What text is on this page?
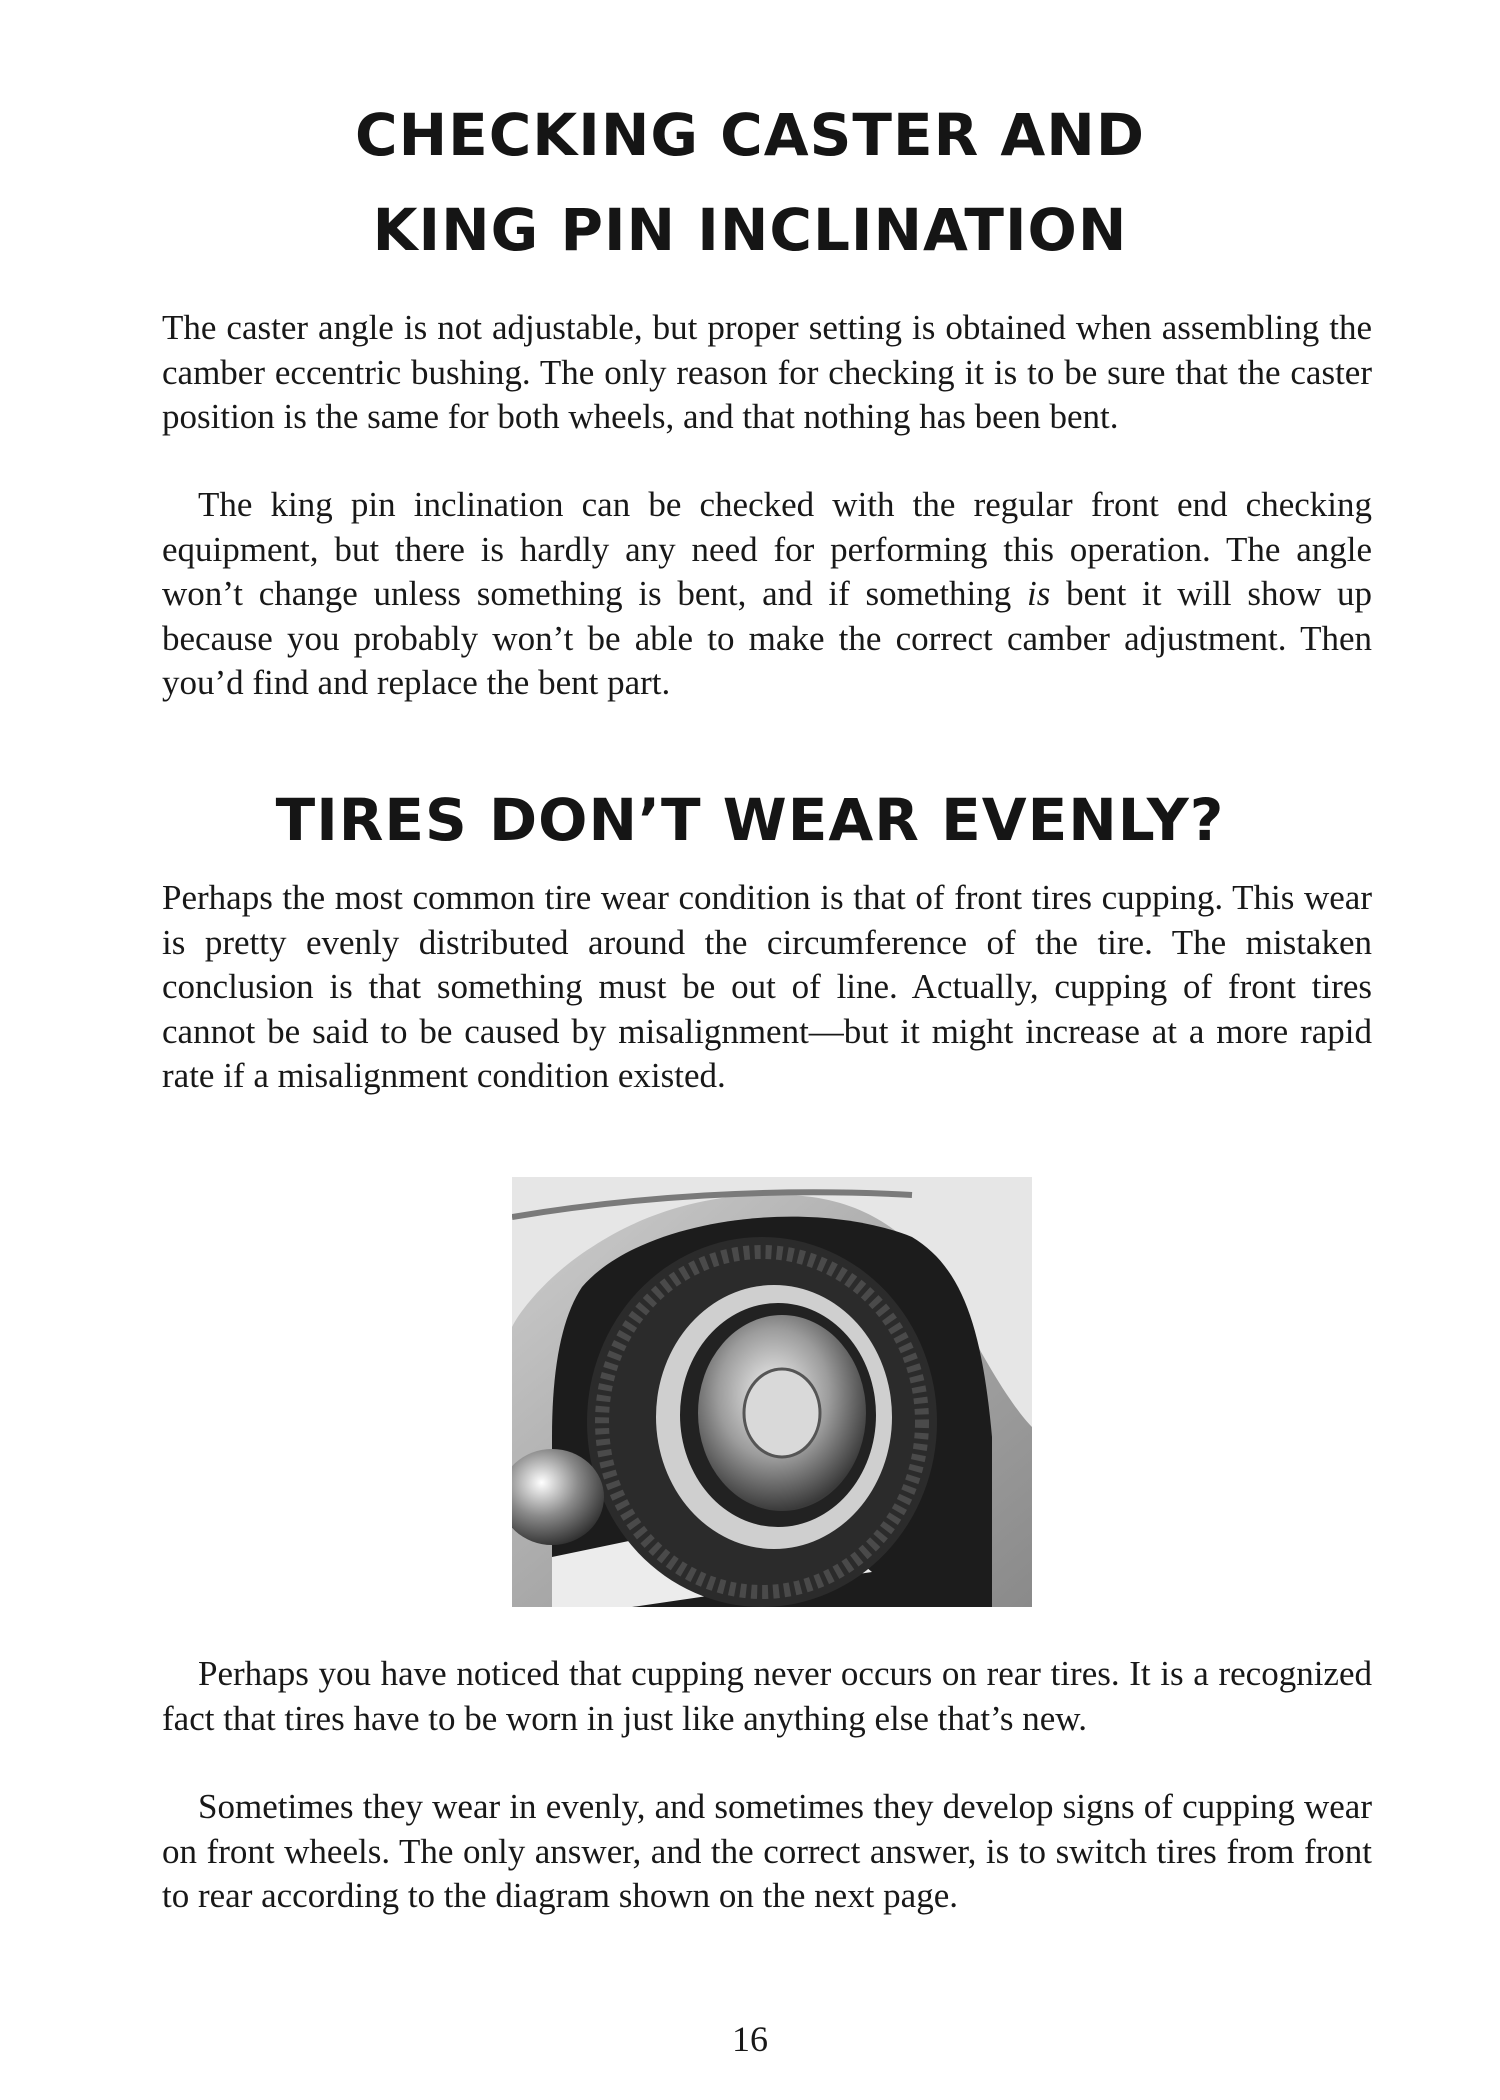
CHECKING CASTER AND
KING PIN INCLINATION

The caster angle is not adjustable, but proper setting is obtained when assembling the camber eccentric bushing. The only reason for checking it is to be sure that the caster position is the same for both wheels, and that nothing has been bent.

The king pin inclination can be checked with the regular front end checking equipment, but there is hardly any need for performing this operation. The angle won’t change unless something is bent, and if something is bent it will show up because you probably won’t be able to make the correct camber adjustment. Then you’d find and replace the bent part.

TIRES DON’T WEAR EVENLY?

Perhaps the most common tire wear condition is that of front tires cupping. This wear is pretty evenly distributed around the circumference of the tire. The mistaken conclusion is that something must be out of line. Actually, cupping of front tires cannot be said to be caused by misalignment—but it might increase at a more rapid rate if a misalignment condition existed.

Perhaps you have noticed that cupping never occurs on rear tires. It is a recognized fact that tires have to be worn in just like anything else that’s new.

Sometimes they wear in evenly, and sometimes they develop signs of cupping wear on front wheels. The only answer, and the correct answer, is to switch tires from front to rear according to the diagram shown on the next page.

16
